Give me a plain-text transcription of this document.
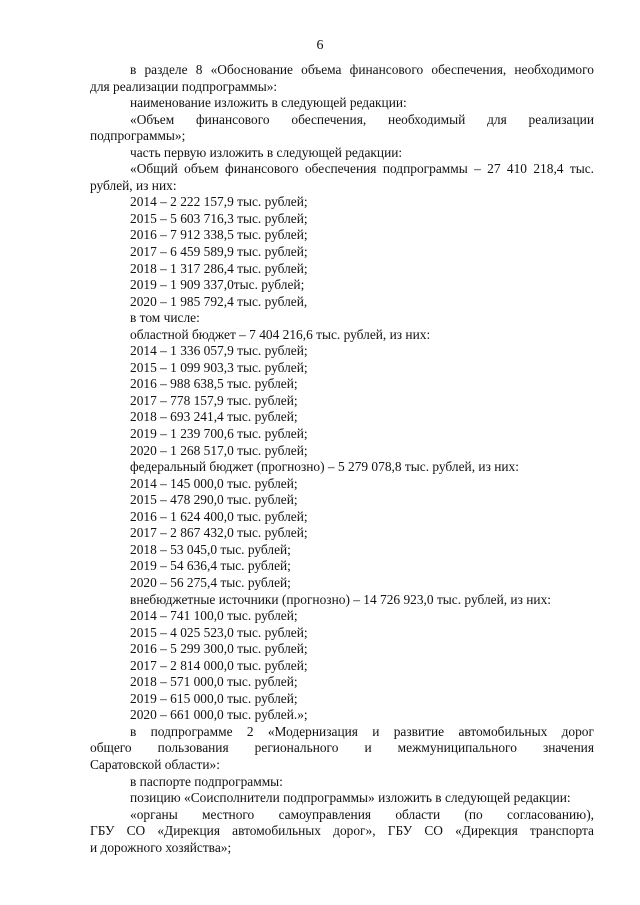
6
в разделе 8 «Обоснование объема финансового обеспечения, необходимого
для реализации подпрограммы»:
наименование изложить в следующей редакции:
«Объем финансового обеспечения, необходимый для реализации
подпрограммы»;
часть первую изложить в следующей редакции:
«Общий объем финансового обеспечения подпрограммы – 27 410 218,4 тыс.
рублей, из них:
2014 – 2 222 157,9 тыс. рублей;
2015 – 5 603 716,3 тыс. рублей;
2016 – 7 912 338,5 тыс. рублей;
2017 – 6 459 589,9 тыс. рублей;
2018 – 1 317 286,4 тыс. рублей;
2019 – 1 909 337,0тыс. рублей;
2020 – 1 985 792,4 тыс. рублей,
в том числе:
областной бюджет – 7 404 216,6 тыс. рублей, из них:
2014 – 1 336 057,9 тыс. рублей;
2015 – 1 099 903,3 тыс. рублей;
2016 – 988 638,5 тыс. рублей;
2017 – 778 157,9 тыс. рублей;
2018 – 693 241,4 тыс. рублей;
2019 – 1 239 700,6 тыс. рублей;
2020 – 1 268 517,0 тыс. рублей;
федеральный бюджет (прогнозно) – 5 279 078,8 тыс. рублей, из них:
2014 – 145 000,0 тыс. рублей;
2015 – 478 290,0 тыс. рублей;
2016 – 1 624 400,0 тыс. рублей;
2017 – 2 867 432,0 тыс. рублей;
2018 – 53 045,0 тыс. рублей;
2019 – 54 636,4 тыс. рублей;
2020 – 56 275,4 тыс. рублей;
внебюджетные источники (прогнозно) – 14 726 923,0 тыс. рублей, из них:
2014 – 741 100,0 тыс. рублей;
2015 – 4 025 523,0 тыс. рублей;
2016 – 5 299 300,0 тыс. рублей;
2017 – 2 814 000,0 тыс. рублей;
2018 – 571 000,0 тыс. рублей;
2019 – 615 000,0 тыс. рублей;
2020 – 661 000,0 тыс. рублей.»;
в подпрограмме 2 «Модернизация и развитие автомобильных дорог
общего пользования регионального и межмуниципального значения
Саратовской области»:
в паспорте подпрограммы:
позицию «Соисполнители подпрограммы» изложить в следующей редакции:
«органы местного самоуправления области (по согласованию),
ГБУ СО «Дирекция автомобильных дорог», ГБУ СО «Дирекция транспорта
и дорожного хозяйства»;
